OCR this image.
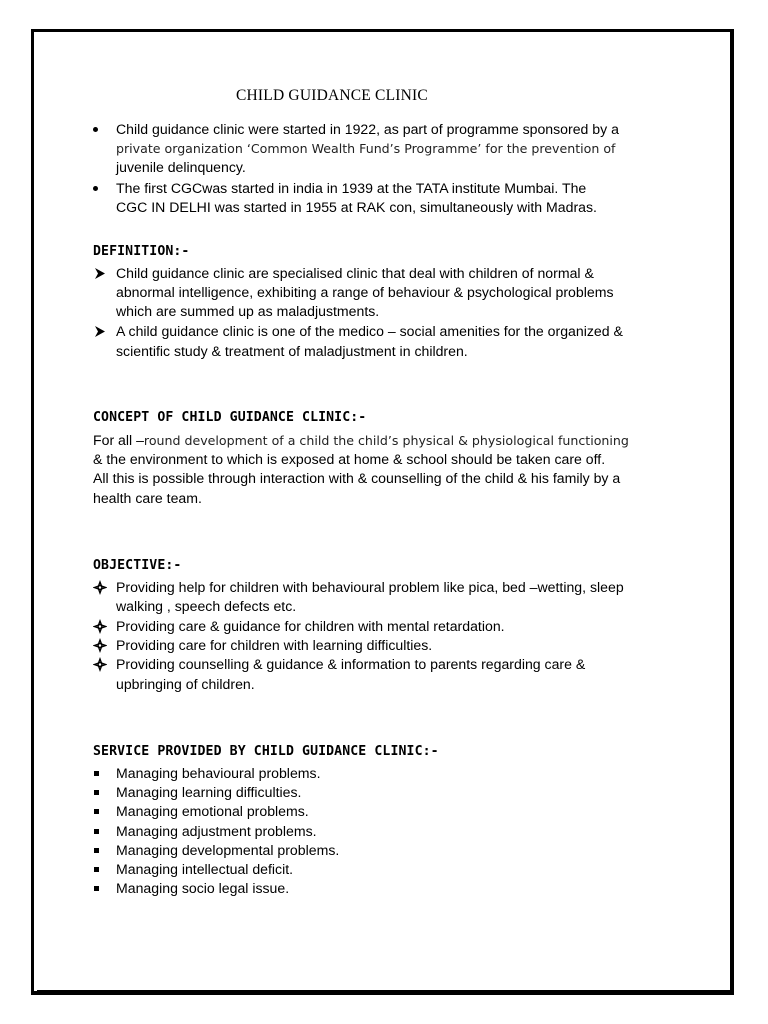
CHILD GUIDANCE CLINIC
Child guidance clinic were started in 1922, as part of programme sponsored by a
private organization ‘Common Wealth Fund’s Programme’ for the prevention of
juvenile delinquency.
The first CGCwas started in india in 1939 at the TATA institute Mumbai. The
CGC IN DELHI was started in 1955 at RAK con, simultaneously with Madras.
DEFINITION:-
Child guidance clinic are specialised clinic that deal with children of normal &
abnormal intelligence, exhibiting a range of behaviour & psychological problems
which are summed up as maladjustments.
A child guidance clinic is one of the medico – social amenities for the organized &
scientific study & treatment of maladjustment in children.
CONCEPT OF CHILD GUIDANCE CLINIC:-
For all –round development of a child the child’s physical & physiological functioning
& the environment to which is exposed at home & school should be taken care off.
All this is possible through interaction with & counselling of the child & his family by a
health care team.
OBJECTIVE:-
Providing help for children with behavioural problem like pica, bed –wetting, sleep
walking , speech defects etc.
Providing care & guidance for children with mental retardation.
Providing care for children with learning difficulties.
Providing counselling & guidance & information to parents regarding care &
upbringing of children.
SERVICE PROVIDED BY CHILD GUIDANCE CLINIC:-
Managing behavioural problems.
Managing learning difficulties.
Managing emotional problems.
Managing adjustment problems.
Managing developmental problems.
Managing intellectual deficit.
Managing socio legal issue.
